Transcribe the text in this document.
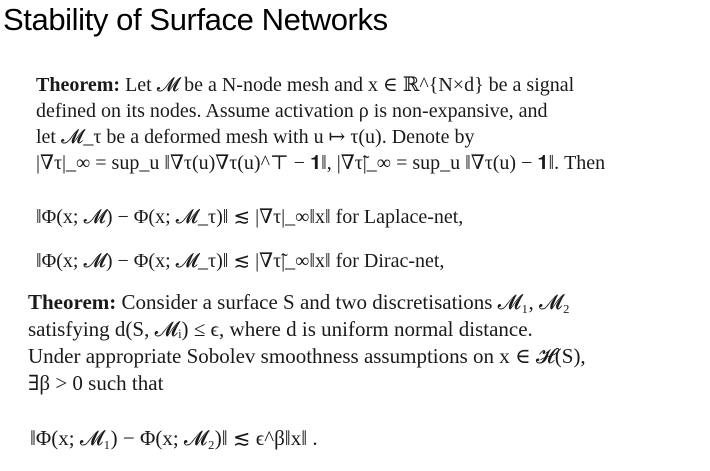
Stability of Surface Networks
Theorem: Let 𝓜 be a N-node mesh and x ∈ ℝ^{N×d} be a signal
defined on its nodes. Assume activation ρ is non-expansive, and
let 𝓜_τ be a deformed mesh with u ↦ τ(u). Denote by
|∇τ|_∞ = sup_u ‖∇τ(u)∇τ(u)^⊤ − 𝟏‖, |∇τ̃|_∞ = sup_u ‖∇τ(u) − 𝟏‖. Then
‖Φ(x; 𝓜) − Φ(x; 𝓜_τ)‖ ≲ |∇τ|_∞‖x‖ for Laplace-net,
‖Φ(x; 𝓜) − Φ(x; 𝓜_τ)‖ ≲ |∇τ̃|_∞‖x‖ for Dirac-net,
Theorem: Consider a surface S and two discretisations 𝓜₁, 𝓜₂
satisfying d(S, 𝓜ᵢ) ≤ ϵ, where d is uniform normal distance.
Under appropriate Sobolev smoothness assumptions on x ∈ 𝓗(S),
∃β > 0 such that
‖Φ(x; 𝓜₁) − Φ(x; 𝓜₂)‖ ≲ ϵ^β‖x‖ .
